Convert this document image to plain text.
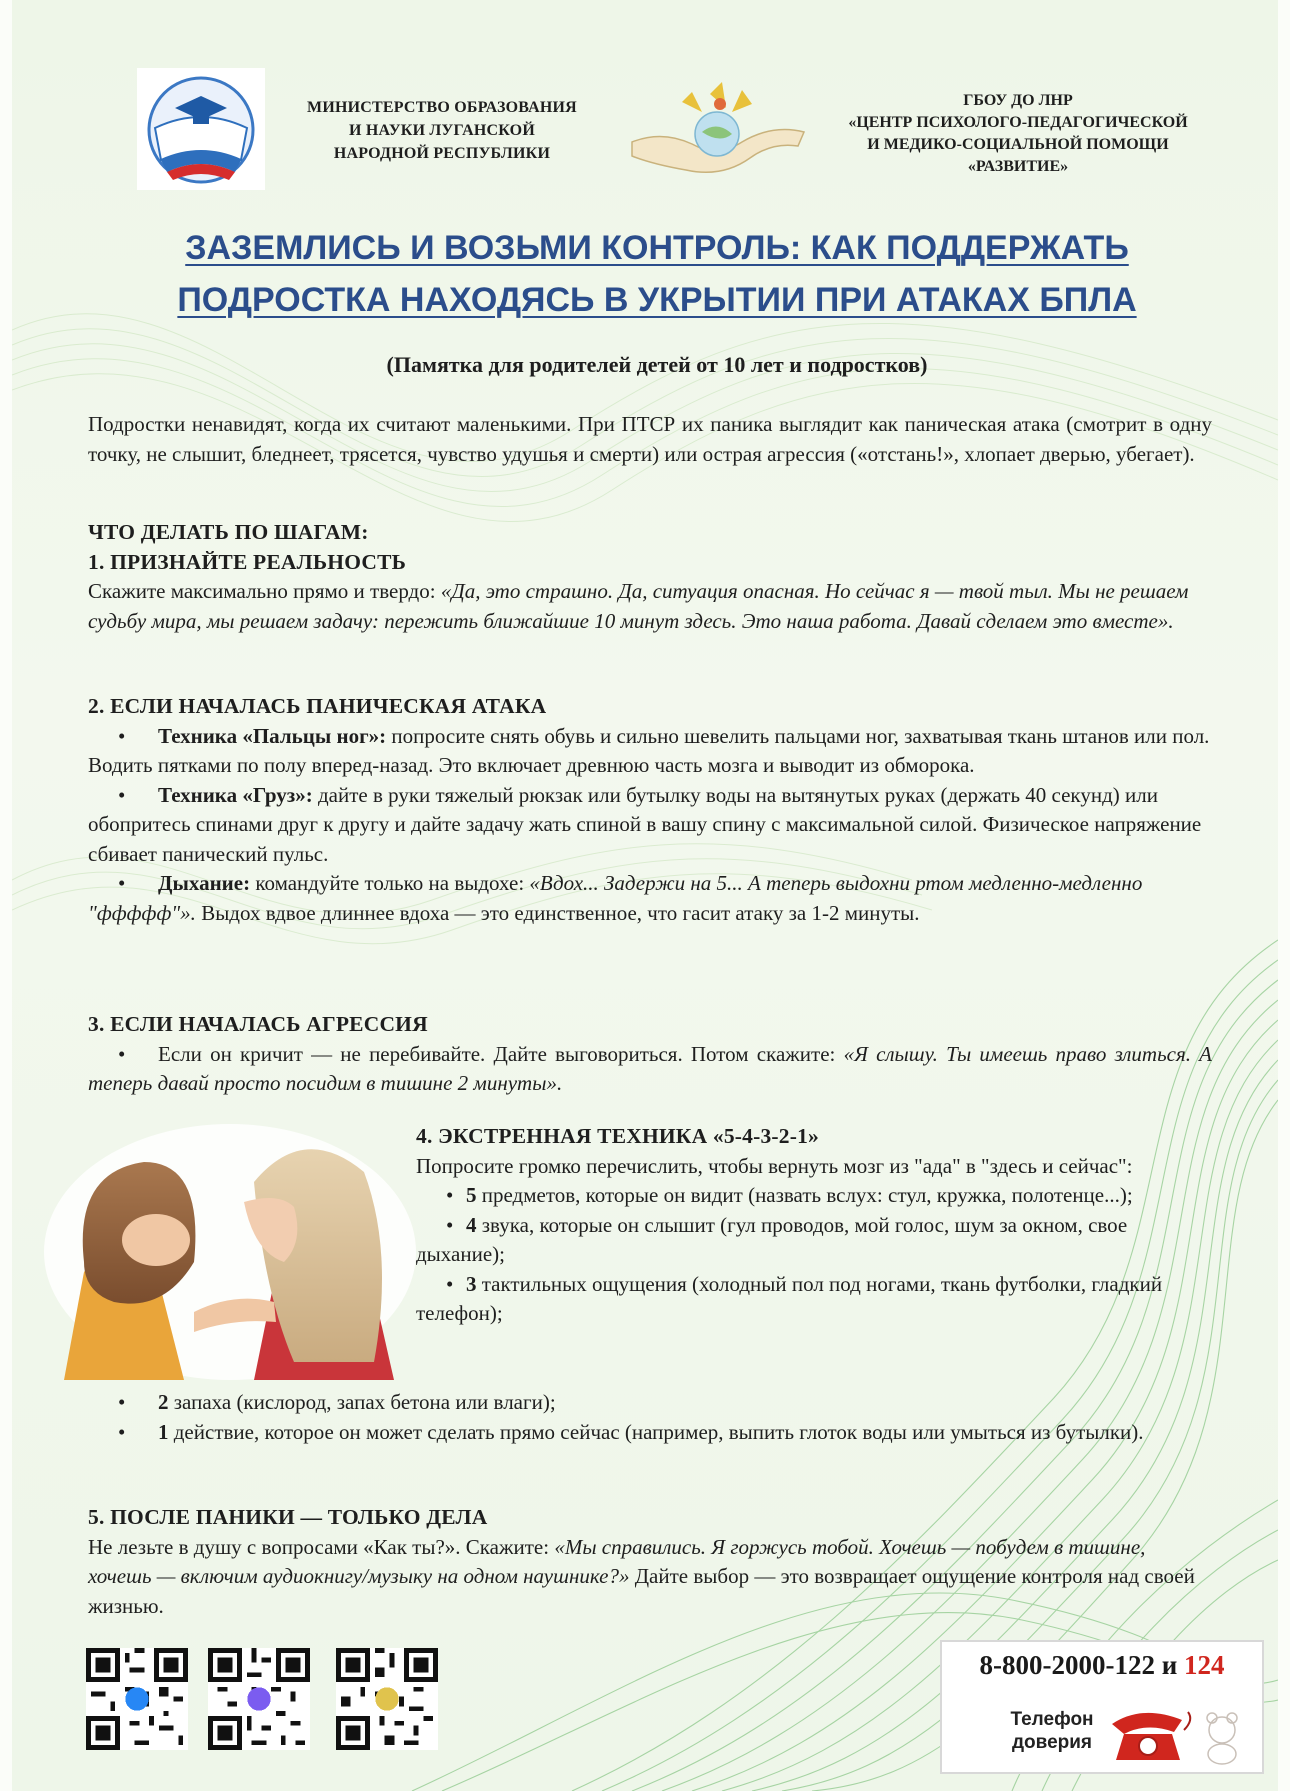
МИНИСТЕРСТВО ОБРАЗОВАНИЯ
И НАУКИ ЛУГАНСКОЙ
НАРОДНОЙ РЕСПУБЛИКИ
ГБОУ ДО ЛНР
«ЦЕНТР ПСИХОЛОГО-ПЕДАГОГИЧЕСКОЙ
И МЕДИКО-СОЦИАЛЬНОЙ ПОМОЩИ
«РАЗВИТИЕ»
ЗАЗЕМЛИСЬ И ВОЗЬМИ КОНТРОЛЬ: КАК ПОДДЕРЖАТЬ
ПОДРОСТКА НАХОДЯСЬ В УКРЫТИИ ПРИ АТАКАХ БПЛА
(Памятка для родителей детей от 10 лет и подростков)
Подростки ненавидят, когда их считают маленькими. При ПТСР их паника выглядит как паническая атака (смотрит в одну точку, не слышит, бледнеет, трясется, чувство удушья и смерти) или острая агрессия («отстань!», хлопает дверью, убегает).
ЧТО ДЕЛАТЬ ПО ШАГАМ:
1. ПРИЗНАЙТЕ РЕАЛЬНОСТЬ
Скажите максимально прямо и твердо: «Да, это страшно. Да, ситуация опасная. Но сейчас я — твой тыл. Мы не решаем судьбу мира, мы решаем задачу: пережить ближайшие 10 минут здесь. Это наша работа. Давай сделаем это вместе».
2. ЕСЛИ НАЧАЛАСЬ ПАНИЧЕСКАЯ АТАКА
• Техника «Пальцы ног»: попросите снять обувь и сильно шевелить пальцами ног, захватывая ткань штанов или пол. Водить пятками по полу вперед-назад. Это включает древнюю часть мозга и выводит из обморока.
• Техника «Груз»: дайте в руки тяжелый рюкзак или бутылку воды на вытянутых руках (держать 40 секунд) или обопритесь спинами друг к другу и дайте задачу жать спиной в вашу спину с максимальной силой. Физическое напряжение сбивает панический пульс.
• Дыхание: командуйте только на выдохе: «Вдох... Задержи на 5... А теперь выдохни ртом медленно-медленно "ффффф"». Выдох вдвое длиннее вдоха — это единственное, что гасит атаку за 1-2 минуты.
3. ЕСЛИ НАЧАЛАСЬ АГРЕССИЯ
• Если он кричит — не перебивайте. Дайте выговориться. Потом скажите: «Я слышу. Ты имеешь право злиться. А теперь давай просто посидим в тишине 2 минуты».
4. ЭКСТРЕННАЯ ТЕХНИКА «5-4-3-2-1»
Попросите громко перечислить, чтобы вернуть мозг из "ада" в "здесь и сейчас":
• 5 предметов, которые он видит (назвать вслух: стул, кружка, полотенце...);
• 4 звука, которые он слышит (гул проводов, мой голос, шум за окном, свое дыхание);
• 3 тактильных ощущения (холодный пол под ногами, ткань футболки, гладкий телефон);
• 2 запаха (кислород, запах бетона или влаги);
• 1 действие, которое он может сделать прямо сейчас (например, выпить глоток воды или умыться из бутылки).
5. ПОСЛЕ ПАНИКИ — ТОЛЬКО ДЕЛА
Не лезьте в душу с вопросами «Как ты?». Скажите: «Мы справились. Я горжусь тобой. Хочешь — побудем в тишине, хочешь — включим аудиокнигу/музыку на одном наушнике?» Дайте выбор — это возвращает ощущение контроля над своей жизнью.
8-800-2000-122 и 124
Телефон доверия
